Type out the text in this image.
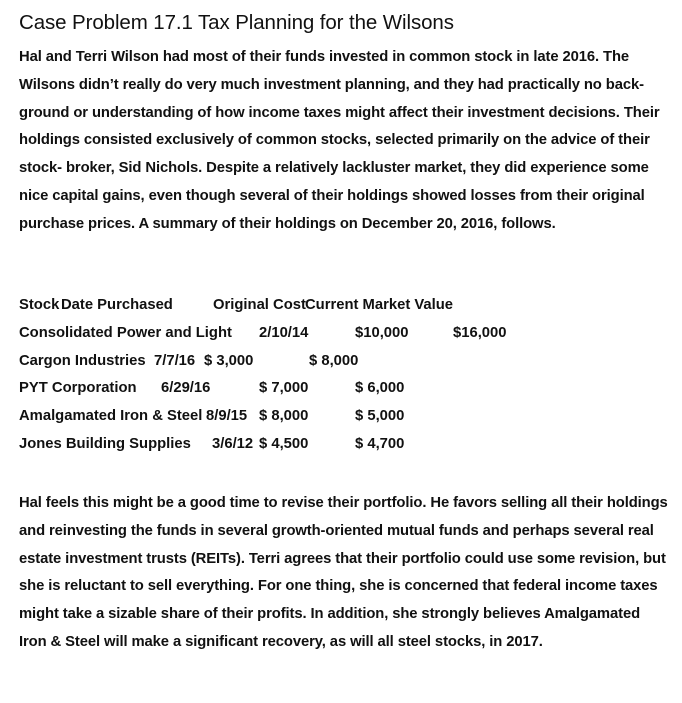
Case Problem 17.1 Tax Planning for the Wilsons
Hal and Terri Wilson had most of their funds invested in common stock in late 2016. The Wilsons didn’t really do very much investment planning, and they had practically no back- ground or understanding of how income taxes might affect their investment decisions. Their holdings consisted exclusively of common stocks, selected primarily on the advice of their stock- broker, Sid Nichols. Despite a relatively lackluster market, they did experience some nice capital gains, even though several of their holdings showed losses from their original purchase prices. A summary of their holdings on December 20, 2016, follows.
Stock Date Purchased	Original Cost Current Market Value
Consolidated Power and Light 2/10/14	$10,000	$16,000
Cargon Industries 7/7/16 $ 3,000	$ 8,000
PYT Corporation 6/29/16	$ 7,000	$ 6,000
Amalgamated Iron & Steel 8/9/15 $ 8,000	$ 5,000
Jones Building Supplies 3/6/12 $ 4,500	$ 4,700
Hal feels this might be a good time to revise their portfolio. He favors selling all their holdings and reinvesting the funds in several growth-oriented mutual funds and perhaps several real estate investment trusts (REITs). Terri agrees that their portfolio could use some revision, but she is reluctant to sell everything. For one thing, she is concerned that federal income taxes might take a sizable share of their profits. In addition, she strongly believes Amalgamated Iron & Steel will make a significant recovery, as will all steel stocks, in 2017.
